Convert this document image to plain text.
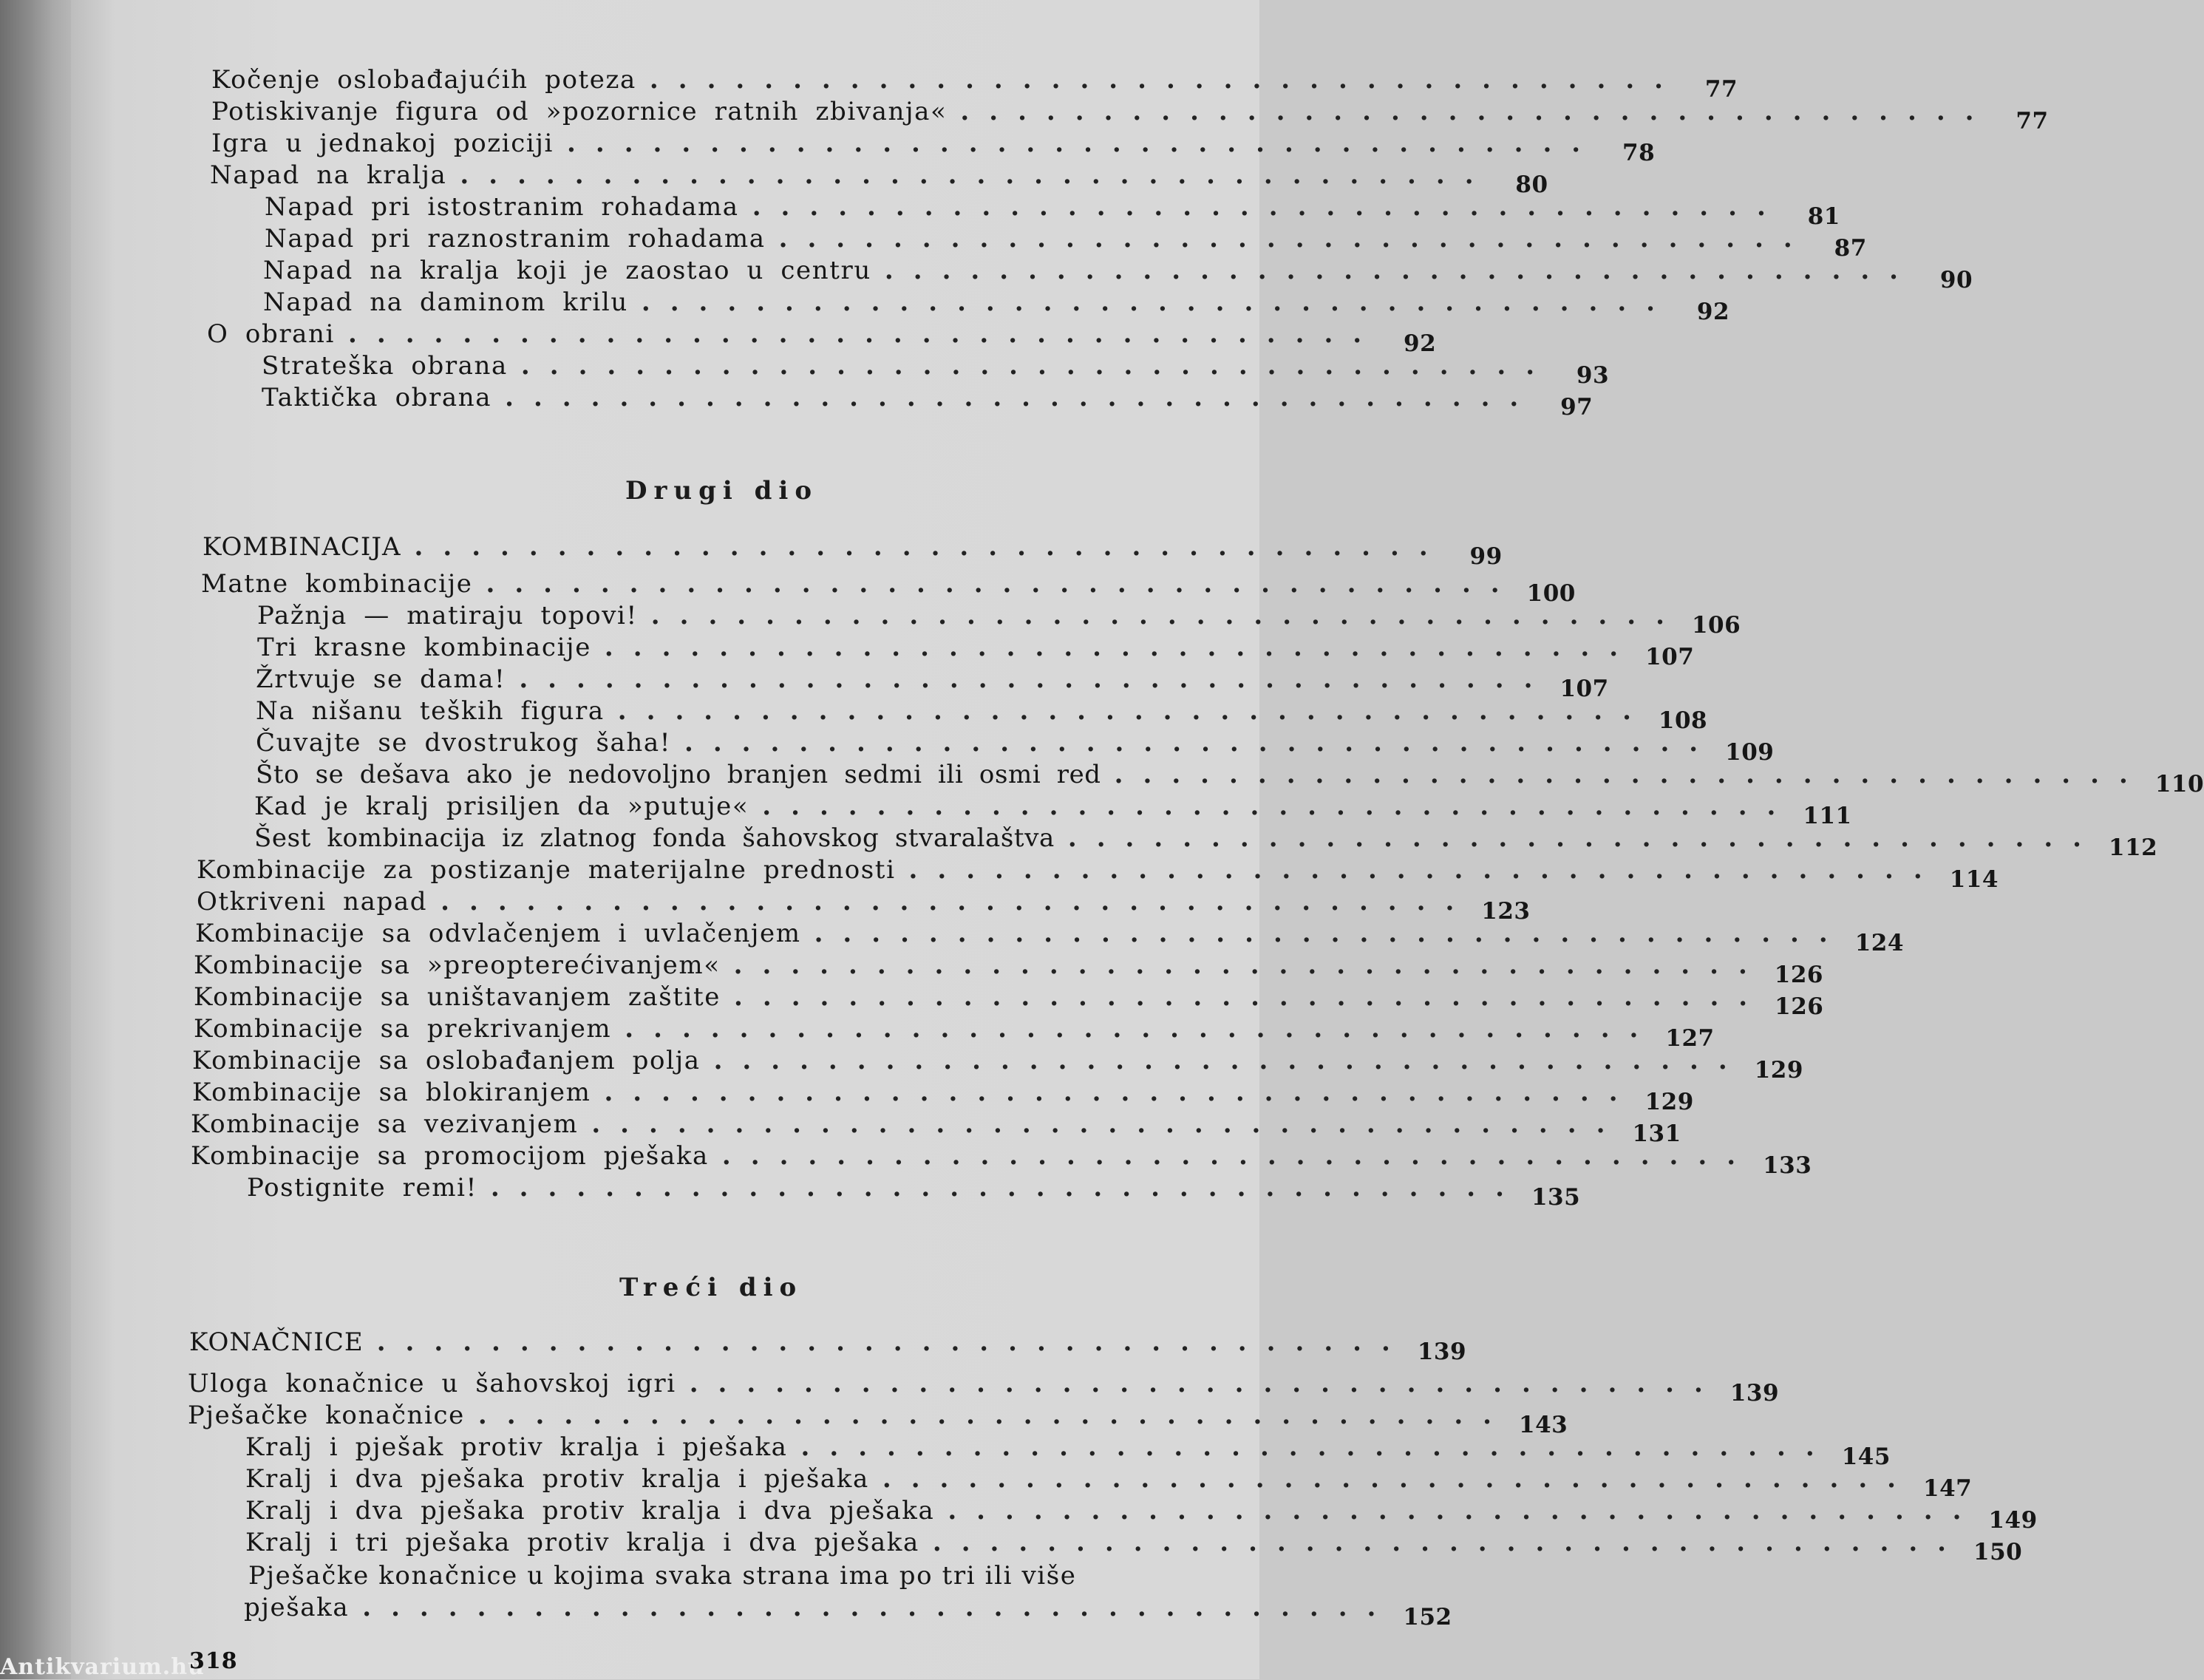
Kočenje oslobađajućih poteza .................................... 77
Potiskivanje figura od »pozornice ratnih zbivanja« .................................... 77
Igra u jednakoj poziciji .................................... 78
Napad na kralja .................................... 80
Napad pri istostranim rohadama .................................... 81
Napad pri raznostranim rohadama .................................... 87
Napad na kralja koji je zaostao u centru .................................... 90
Napad na daminom krilu .................................... 92
O obrani .................................... 92
Strateška obrana .................................... 93
Taktička obrana .................................... 97
Drugi dio
KOMBINACIJA .................................... 99
Matne kombinacije .................................... 100
Pažnja — matiraju topovi! .................................... 106
Tri krasne kombinacije .................................... 107
Žrtvuje se dama! .................................... 107
Na nišanu teških figura .................................... 108
Čuvajte se dvostrukog šaha! .................................... 109
Što se dešava ako je nedovoljno branjen sedmi ili osmi red .................................... 110
Kad je kralj prisiljen da »putuje« .................................... 111
Šest kombinacija iz zlatnog fonda šahovskog stvaralaštva .................................... 112
Kombinacije za postizanje materijalne prednosti .................................... 114
Otkriveni napad .................................... 123
Kombinacije sa odvlačenjem i uvlačenjem .................................... 124
Kombinacije sa »preopterećivanjem« .................................... 126
Kombinacije sa uništavanjem zaštite .................................... 126
Kombinacije sa prekrivanjem .................................... 127
Kombinacije sa oslobađanjem polja .................................... 129
Kombinacije sa blokiranjem .................................... 129
Kombinacije sa vezivanjem .................................... 131
Kombinacije sa promocijom pješaka .................................... 133
Postignite remi! .................................... 135
Treći dio
KONAČNICE .................................... 139
Uloga konačnice u šahovskoj igri .................................... 139
Pješačke konačnice .................................... 143
Kralj i pješak protiv kralja i pješaka .................................... 145
Kralj i dva pješaka protiv kralja i pješaka .................................... 147
Kralj i dva pješaka protiv kralja i dva pješaka .................................... 149
Kralj i tri pješaka protiv kralja i dva pješaka .................................... 150
Pješačke konačnice u kojima svaka strana ima po tri ili više
pješaka .................................... 152
Antikvarium.hu
318
